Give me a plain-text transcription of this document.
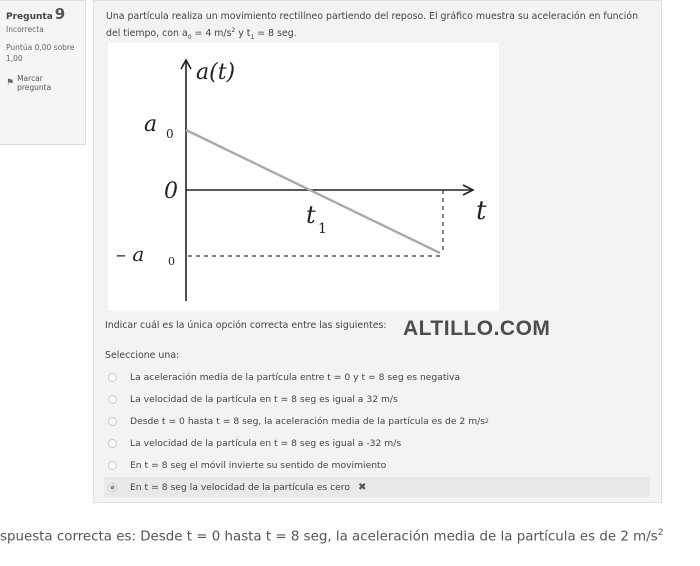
Pregunta 9
Incorrecta
Puntúa 0,00 sobre 1,00
⚑ Marcar pregunta
Una partícula realiza un movimiento rectilíneo partiendo del reposo. El gráfico muestra su aceleración en función del tiempo, con $a_0 = 4$ $m/s^2$ y $t_1 = 8$ seg.
a(t)
t
a 0
0
t 1
– a 0
Indicar cuál es la única opción correcta entre las siguientes: ALTILLO.COM
Seleccione una:
La aceleración media de la partícula entre t = 0 y t = 8 seg es negativa
La velocidad de la partícula en t = 8 seg es igual a 32 m/s
Desde t = 0 hasta t = 8 seg, la aceleración media de la partícula es de 2 m/s 2
La velocidad de la partícula en t = 8 seg es igual a -32 m/s
En t = 8 seg el móvil invierte su sentido de movimiento
En t = 8 seg la velocidad de la partícula es cero ✖
spuesta correcta es: Desde t = 0 hasta t = 8 seg, la aceleración media de la partícula es de 2 $m/s^2$
